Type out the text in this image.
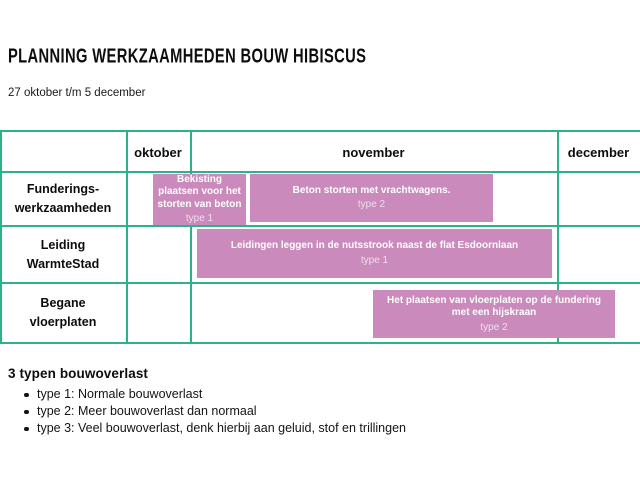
PLANNING WERKZAAMHEDEN BOUW HIBISCUS
27 oktober t/m 5 december
oktober	november	december
Funderings-
werkzaamheden
Leiding
WarmteStad
Begane
vloerplaten
Bekisting plaatsen voor het storten van beton
type 1
Beton storten met vrachtwagens.
type 2
Leidingen leggen in de nutsstrook naast de flat Esdoornlaan
type 1
Het plaatsen van vloerplaten op de fundering met een hijskraan
type 2
3 typen bouwoverlast
type 1: Normale bouwoverlast
type 2: Meer bouwoverlast dan normaal
type 3: Veel bouwoverlast, denk hierbij aan geluid, stof en trillingen
